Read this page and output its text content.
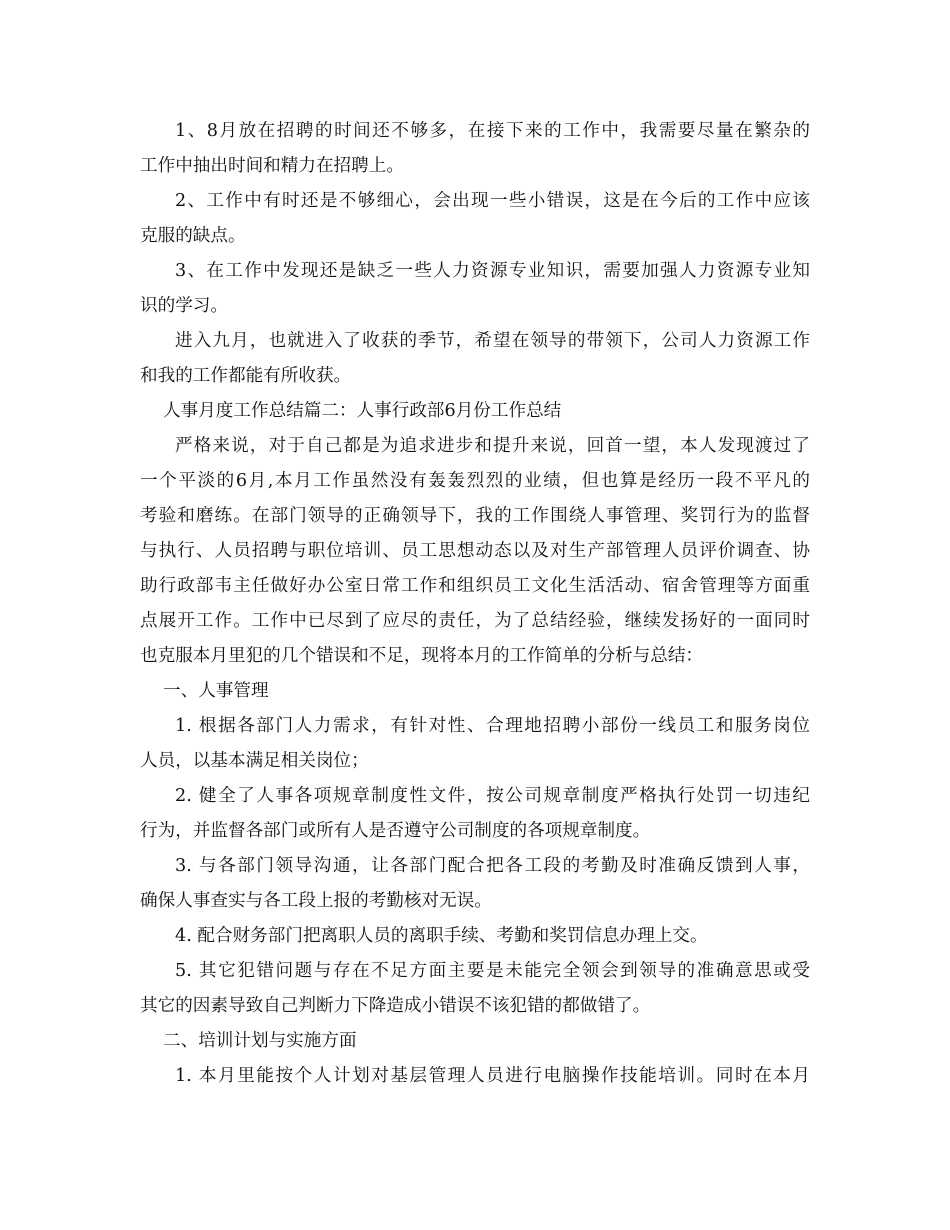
1、8月放在招聘的时间还不够多，在接下来的工作中，我需要尽量在繁杂的
工作中抽出时间和精力在招聘上。
2、工作中有时还是不够细心，会出现一些小错误，这是在今后的工作中应该
克服的缺点。
3、在工作中发现还是缺乏一些人力资源专业知识，需要加强人力资源专业知
识的学习。
进入九月，也就进入了收获的季节，希望在领导的带领下，公司人力资源工作
和我的工作都能有所收获。
人事月度工作总结篇二：人事行政部6月份工作总结
严格来说，对于自己都是为追求进步和提升来说，回首一望，本人发现渡过了
一个平淡的6月,本月工作虽然没有轰轰烈烈的业绩，但也算是经历一段不平凡的
考验和磨练。在部门领导的正确领导下，我的工作围绕人事管理、奖罚行为的监督
与执行、人员招聘与职位培训、员工思想动态以及对生产部管理人员评价调查、协
助行政部韦主任做好办公室日常工作和组织员工文化生活活动、宿舍管理等方面重
点展开工作。工作中已尽到了应尽的责任，为了总结经验，继续发扬好的一面同时
也克服本月里犯的几个错误和不足，现将本月的工作简单的分析与总结：
一、人事管理
1. 根据各部门人力需求，有针对性、合理地招聘小部份一线员工和服务岗位
人员，以基本满足相关岗位；
2. 健全了人事各项规章制度性文件，按公司规章制度严格执行处罚一切违纪
行为，并监督各部门或所有人是否遵守公司制度的各项规章制度。
3. 与各部门领导沟通，让各部门配合把各工段的考勤及时准确反馈到人事，
确保人事查实与各工段上报的考勤核对无误。
4. 配合财务部门把离职人员的离职手续、考勤和奖罚信息办理上交。
5. 其它犯错问题与存在不足方面主要是未能完全领会到领导的准确意思或受
其它的因素导致自己判断力下降造成小错误不该犯错的都做错了。
二、培训计划与实施方面
1. 本月里能按个人计划对基层管理人员进行电脑操作技能培训。同时在本月
